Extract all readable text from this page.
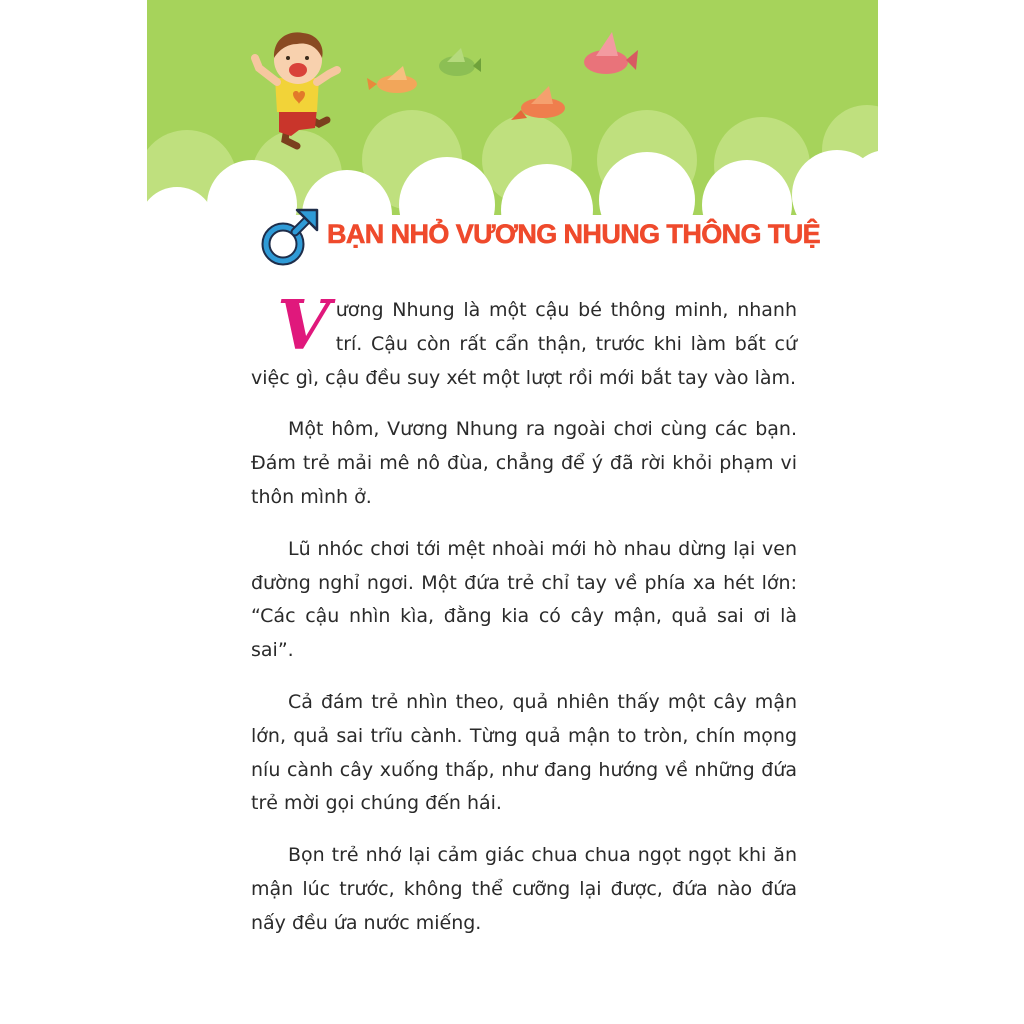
BẠN NHỎ VƯƠNG NHUNG THÔNG TUỆ

Vương Nhung là một cậu bé thông minh, nhanh trí. Cậu còn rất cẩn thận, trước khi làm bất cứ việc gì, cậu đều suy xét một lượt rồi mới bắt tay vào làm.

Một hôm, Vương Nhung ra ngoài chơi cùng các bạn. Đám trẻ mải mê nô đùa, chẳng để ý đã rời khỏi phạm vi thôn mình ở.

Lũ nhóc chơi tới mệt nhoài mới hò nhau dừng lại ven đường nghỉ ngơi. Một đứa trẻ chỉ tay về phía xa hét lớn: “Các cậu nhìn kìa, đằng kia có cây mận, quả sai ơi là sai”.

Cả đám trẻ nhìn theo, quả nhiên thấy một cây mận lớn, quả sai trĩu cành. Từng quả mận to tròn, chín mọng níu cành cây xuống thấp, như đang hướng về những đứa trẻ mời gọi chúng đến hái.

Bọn trẻ nhớ lại cảm giác chua chua ngọt ngọt khi ăn mận lúc trước, không thể cưỡng lại được, đứa nào đứa nấy đều ứa nước miếng.
